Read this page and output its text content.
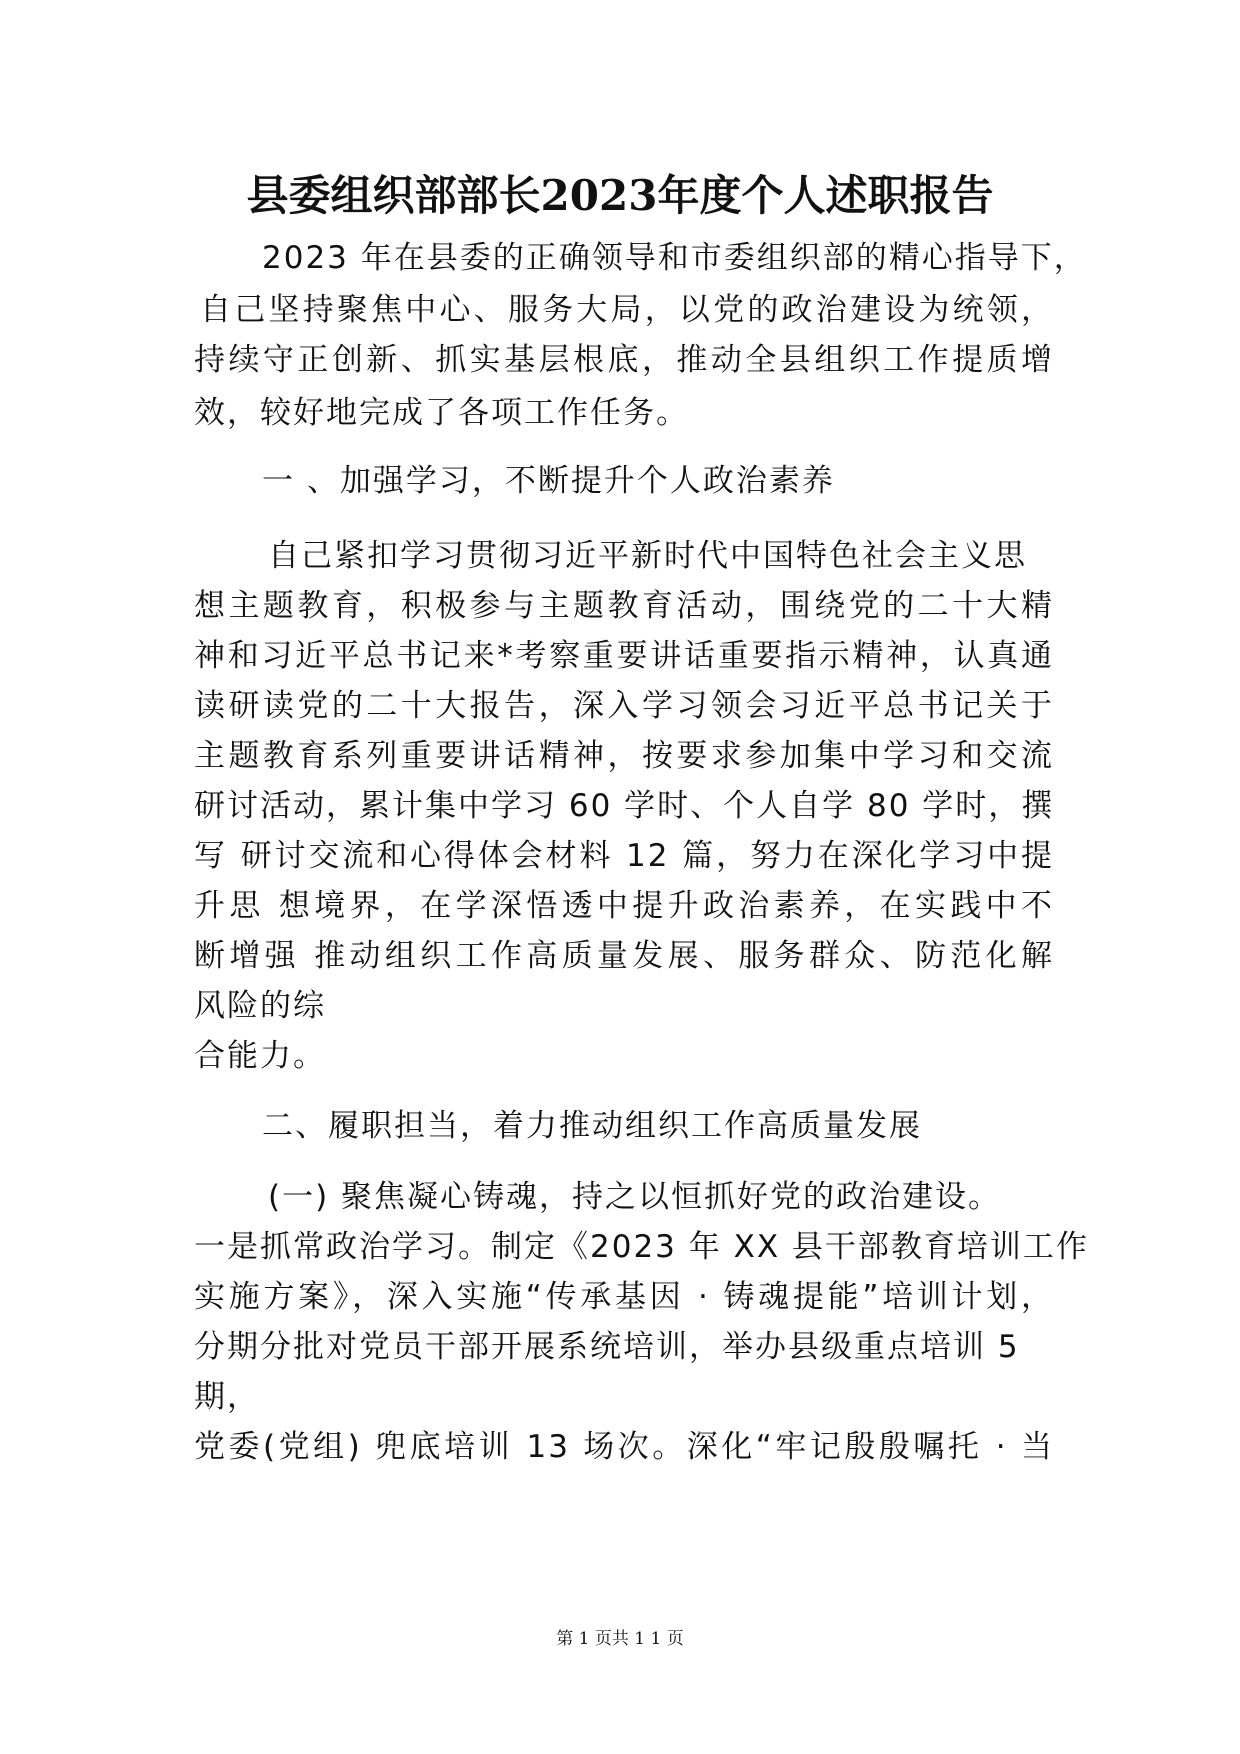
县委组织部部长2023年度个人述职报告
2023 年在县委的正确领导和市委组织部的精心指导下，
自己坚持聚焦中心、服务大局，以党的政治建设为统领，
持续守正创新、抓实基层根底，推动全县组织工作提质增
效，较好地完成了各项工作任务。
一 、加强学习，不断提升个人政治素养
自己紧扣学习贯彻习近平新时代中国特色社会主义思
想主题教育，积极参与主题教育活动，围绕党的二十大精
神和习近平总书记来*考察重要讲话重要指示精神，认真通
读研读党的二十大报告，深入学习领会习近平总书记关于
主题教育系列重要讲话精神，按要求参加集中学习和交流
研讨活动，累计集中学习 60 学时、个人自学 80 学时，撰
写 研讨交流和心得体会材料 12 篇，努力在深化学习中提
升思 想境界，在学深悟透中提升政治素养，在实践中不
断增强 推动组织工作高质量发展、服务群众、防范化解
风险的综
合能力。
二、履职担当，着力推动组织工作高质量发展
(一) 聚焦凝心铸魂，持之以恒抓好党的政治建设。
一是抓常政治学习。制定《2023 年 XX 县干部教育培训工作
实施方案》，深入实施“传承基因 · 铸魂提能”培训计划，
分期分批对党员干部开展系统培训，举办县级重点培训 5
期，
党委(党组) 兜底培训 13 场次。深化“牢记殷殷嘱托 · 当
第 1 页共 1 1 页
